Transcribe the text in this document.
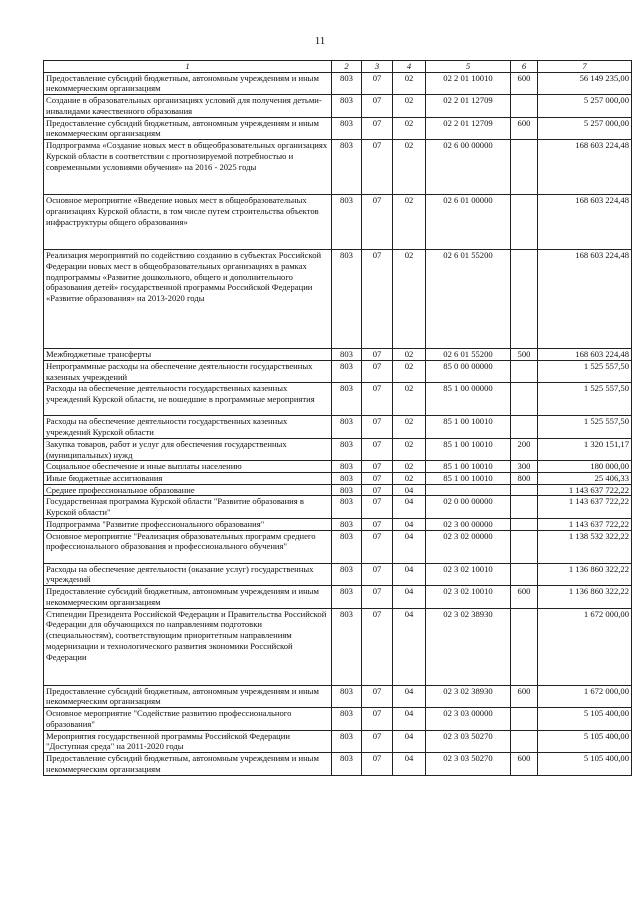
11
1	2	3	4	5	6	7
Предоставление субсидий бюджетным, автономным учреждениям и иным некоммерческим организациям	803	07	02	02 2 01 10010	600	56 149 235,00
Создание в образовательных организациях условий для получения детьми-инвалидами качественного образования	803	07	02	02 2 01 12709		5 257 000,00
Предоставление субсидий бюджетным, автономным учреждениям и иным некоммерческим организациям	803	07	02	02 2 01 12709	600	5 257 000,00
Подпрограмма «Создание новых мест в общеобразовательных организациях Курской области в соответствии с прогнозируемой потребностью и современными условиями обучения» на 2016 - 2025 годы	803	07	02	02 6 00 00000		168 603 224,48
Основное мероприятие «Введение новых мест в общеобразовательных организациях Курской области, в том числе путем строительства объектов инфраструктуры общего образования»	803	07	02	02 6 01 00000		168 603 224,48
Реализация мероприятий по содействию созданию в субъектах Российской Федерации новых мест в общеобразовательных организациях в рамках подпрограммы «Развитие дошкольного, общего и дополнительного образования детей» государственной программы Российской Федерации «Развитие образования» на 2013-2020 годы	803	07	02	02 6 01 55200		168 603 224,48
Межбюджетные трансферты	803	07	02	02 6 01 55200	500	168 603 224,48
Непрограммные расходы на обеспечение деятельности государственных казенных учреждений	803	07	02	85 0 00 00000		1 525 557,50
Расходы на обеспечение деятельности государственных казенных учреждений Курской области, не вошедшие в программные мероприятия	803	07	02	85 1 00 00000		1 525 557,50
Расходы на обеспечение деятельности государственных казенных учреждений Курской области	803	07	02	85 1 00 10010		1 525 557,50
Закупка товаров, работ и услуг для обеспечения государственных (муниципальных) нужд	803	07	02	85 1 00 10010	200	1 320 151,17
Социальное обеспечение и иные выплаты населению	803	07	02	85 1 00 10010	300	180 000,00
Иные бюджетные ассигнования	803	07	02	85 1 00 10010	800	25 406,33
Среднее профессиональное образование	803	07	04			1 143 637 722,22
Государственная программа Курской области "Развитие образования в Курской области"	803	07	04	02 0 00 00000		1 143 637 722,22
Подпрограмма "Развитие профессионального образования"	803	07	04	02 3 00 00000		1 143 637 722,22
Основное мероприятие "Реализация образовательных программ среднего профессионального образования и профессионального обучения"	803	07	04	02 3 02 00000		1 138 532 322,22
Расходы на обеспечение деятельности (оказание услуг) государственных учреждений	803	07	04	02 3 02 10010		1 136 860 322,22
Предоставление субсидий бюджетным, автономным учреждениям и иным некоммерческим организациям	803	07	04	02 3 02 10010	600	1 136 860 322,22
Стипендии Президента Российской Федерации и Правительства Российской Федерации для обучающихся по направлениям подготовки (специальностям), соответствующим приоритетным направлениям модернизации и технологического развития экономики Российской Федерации	803	07	04	02 3 02 38930		1 672 000,00
Предоставление субсидий бюджетным, автономным учреждениям и иным некоммерческим организациям	803	07	04	02 3 02 38930	600	1 672 000,00
Основное мероприятие "Содействие развитию профессионального образования"	803	07	04	02 3 03 00000		5 105 400,00
Мероприятия государственной программы Российской Федерации "Доступная среда" на 2011-2020 годы	803	07	04	02 3 03 50270		5 105 400,00
Предоставление субсидий бюджетным, автономным учреждениям и иным некоммерческим организациям	803	07	04	02 3 03 50270	600	5 105 400,00
